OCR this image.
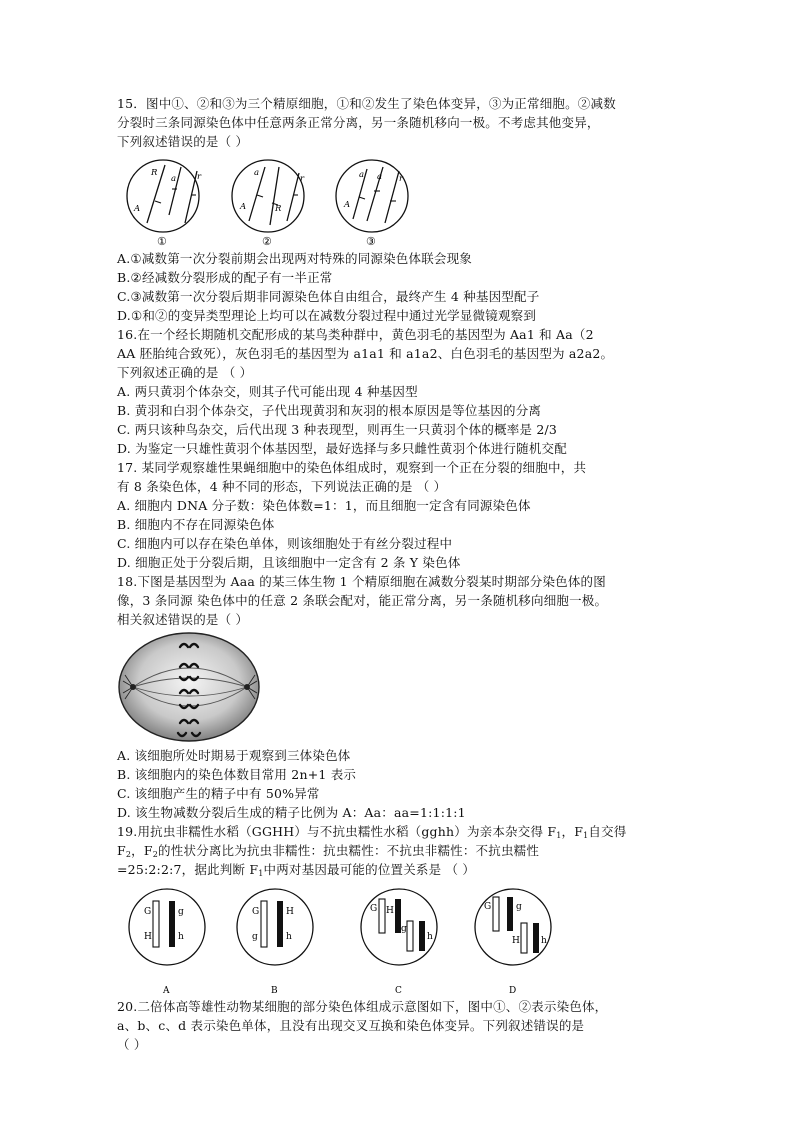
15．图中①、②和③为三个精原细胞，①和②发生了染色体变异，③为正常细胞。②减数
分裂时三条同源染色体中任意两条正常分离，另一条随机移向一极。不考虑其他变异，
下列叙述错误的是（ ）
R
a
A
r
①
a
R
A
r
②
a a
A
r
③
A.①减数第一次分裂前期会出现两对特殊的同源染色体联会现象
B.②经减数分裂形成的配子有一半正常
C.③减数第一次分裂后期非同源染色体自由组合，最终产生 4 种基因型配子
D.①和②的变异类型理论上均可以在减数分裂过程中通过光学显微镜观察到
16.在一个经长期随机交配形成的某鸟类种群中，黄色羽毛的基因型为 Aa1 和 Aa（2
AA 胚胎纯合致死），灰色羽毛的基因型为 a1a1 和 a1a2、白色羽毛的基因型为 a2a2。
下列叙述正确的是 （ ）
A. 两只黄羽个体杂交，则其子代可能出现 4 种基因型
B. 黄羽和白羽个体杂交，子代出现黄羽和灰羽的根本原因是等位基因的分离
C. 两只该种鸟杂交，后代出现 3 种表现型，则再生一只黄羽个体的概率是 2/3
D. 为鉴定一只雄性黄羽个体基因型，最好选择与多只雌性黄羽个体进行随机交配
17. 某同学观察雄性果蝇细胞中的染色体组成时，观察到一个正在分裂的细胞中，共
有 8 条染色体，4 种不同的形态，下列说法正确的是 （ ）
A. 细胞内 DNA 分子数：染色体数=1：1，而且细胞一定含有同源染色体
B. 细胞内不存在同源染色体
C. 细胞内可以存在染色单体，则该细胞处于有丝分裂过程中
D. 细胞正处于分裂后期，且该细胞中一定含有 2 条 Y 染色体
18.下图是基因型为 Aaa 的某三体生物 1 个精原细胞在减数分裂某时期部分染色体的图
像，3 条同源 染色体中的任意 2 条联会配对，能正常分离，另一条随机移向细胞一极。
相关叙述错误的是（ ）
A. 该细胞所处时期易于观察到三体染色体
B. 该细胞内的染色体数目常用 2n+1 表示
C. 该细胞产生的精子中有 50%异常
D. 该生物减数分裂后生成的精子比例为 A：Aa：aa=1:1:1:1
19.用抗虫非糯性水稻（GGHH）与不抗虫糯性水稻（gghh）为亲本杂交得 $F_1$，$F_1$自交得
$F_2$，$F_2$的性状分离比为抗虫非糯性：抗虫糯性：不抗虫非糯性：不抗虫糯性
=25:2:2:7，据此判断 $F_1$中两对基因最可能的位置关系是 （ ）
G
H
g
h
A
G
g
H
h
B
G H
g
h
C
G	g
H h
D
20.二倍体高等雄性动物某细胞的部分染色体组成示意图如下，图中①、②表示染色体，
a、b、c、d 表示染色单体，且没有出现交叉互换和染色体变异。下列叙述错误的是
（ ）
